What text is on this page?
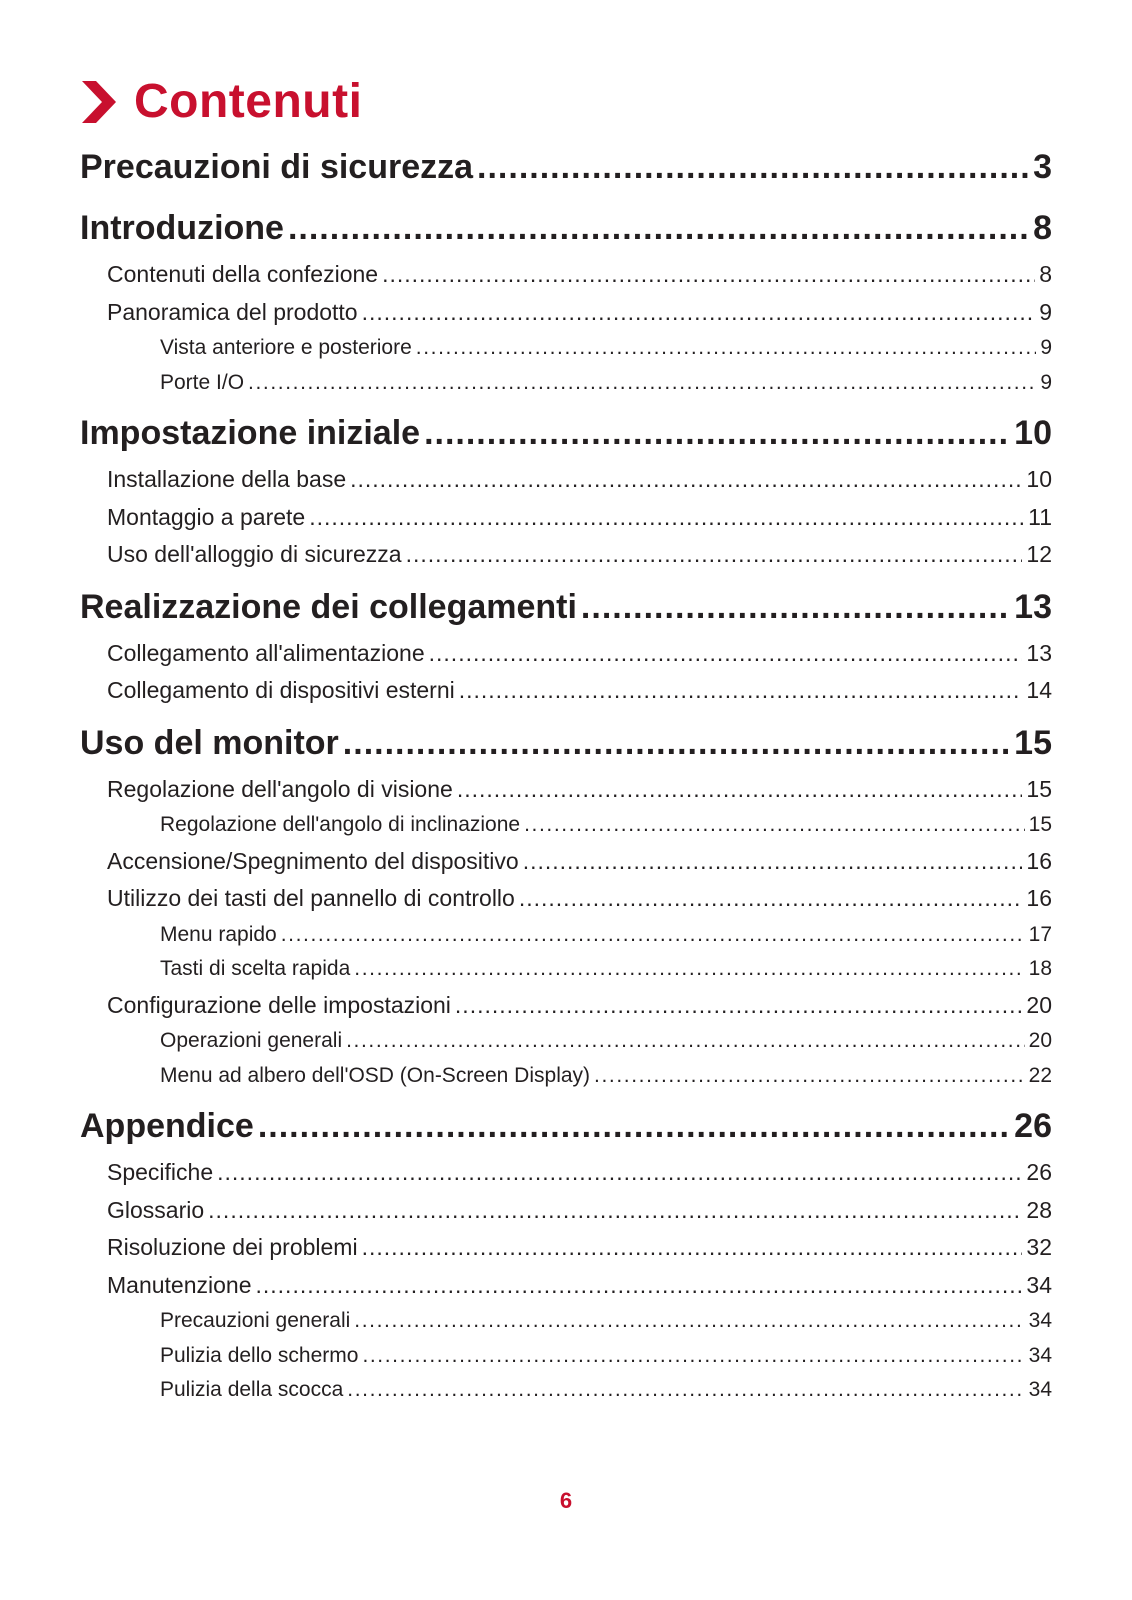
Contenuti
Precauzioni di sicurezza .....	3
Introduzione .....	8
Contenuti della confezione .....	8
Panoramica del prodotto .....	9
Vista anteriore e posteriore .....	9
Porte I/O .....	9
Impostazione iniziale .....	10
Installazione della base .....	10
Montaggio a parete .....	11
Uso dell'alloggio di sicurezza .....	12
Realizzazione dei collegamenti .....	13
Collegamento all'alimentazione .....	13
Collegamento di dispositivi esterni .....	14
Uso del monitor .....	15
Regolazione dell'angolo di visione .....	15
Regolazione dell'angolo di inclinazione .....	15
Accensione/Spegnimento del dispositivo .....	16
Utilizzo dei tasti del pannello di controllo .....	16
Menu rapido .....	17
Tasti di scelta rapida .....	18
Configurazione delle impostazioni .....	20
Operazioni generali .....	20
Menu ad albero dell'OSD (On-Screen Display) .....	22
Appendice .....	26
Specifiche .....	26
Glossario .....	28
Risoluzione dei problemi .....	32
Manutenzione .....	34
Precauzioni generali .....	34
Pulizia dello schermo .....	34
Pulizia della scocca .....	34
6
